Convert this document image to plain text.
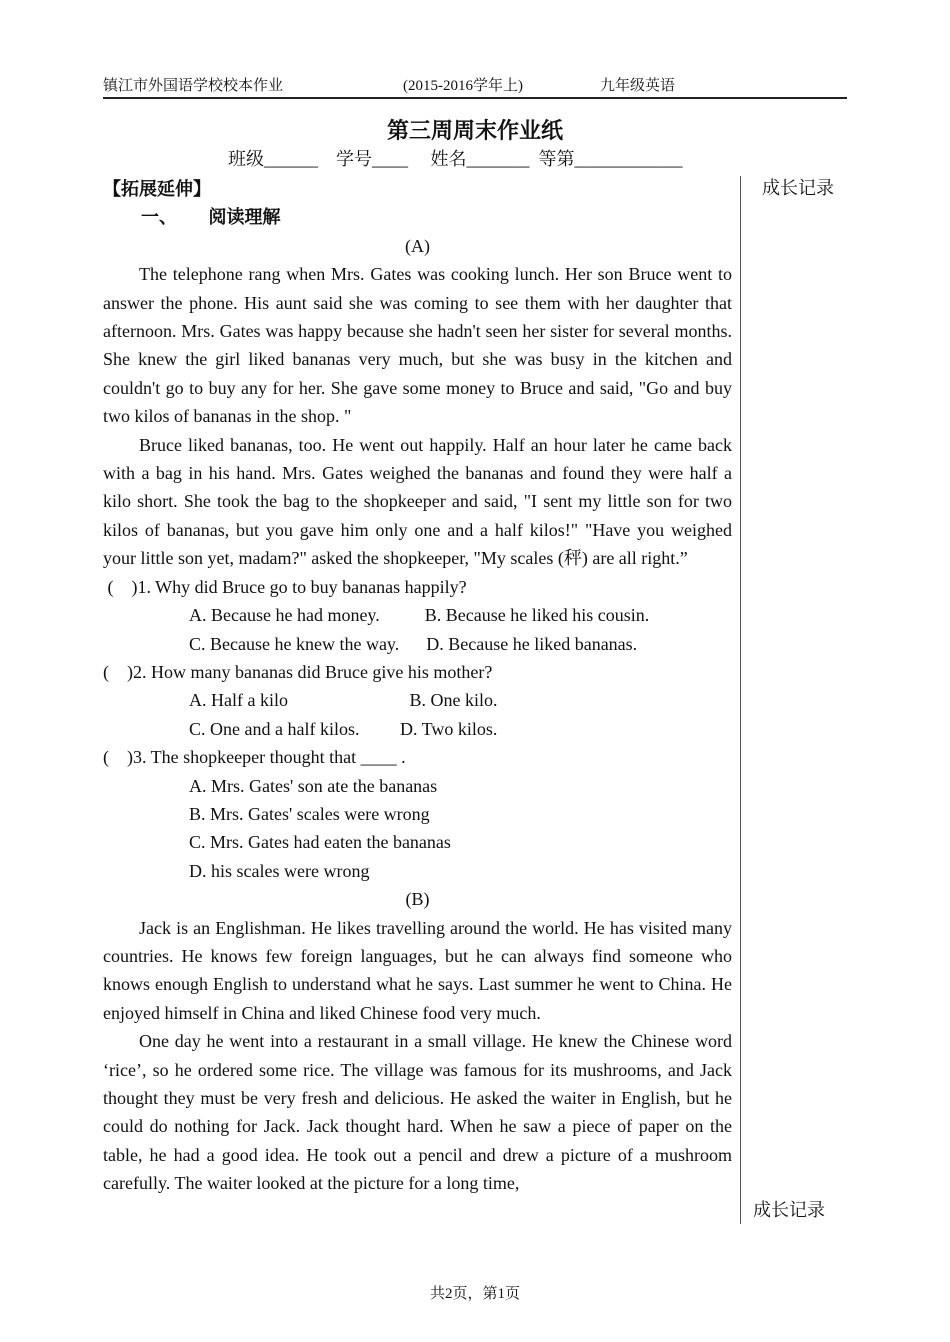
镇江市外国语学校校本作业	(2015-2016学年上)	九年级英语
第三周周末作业纸
班级______    学号____     姓名_______  等第____________
成长记录
成长记录
【拓展延伸】
一、       阅读理解
(A)

The telephone rang when Mrs. Gates was cooking lunch. Her son Bruce went to answer the phone. His aunt said she was coming to see them with her daughter that afternoon. Mrs. Gates was happy because she hadn't seen her sister for several months. She knew the girl liked bananas very much, but she was busy in the kitchen and couldn't go to buy any for her. She gave some money to Bruce and said, "Go and buy two kilos of bananas in the shop. "

Bruce liked bananas, too. He went out happily. Half an hour later he came back with a bag in his hand. Mrs. Gates weighed the bananas and found they were half a kilo short. She took the bag to the shopkeeper and said, "I sent my little son for two kilos of bananas, but you gave him only one and a half kilos!" "Have you weighed your little son yet, madam?" asked the shopkeeper, "My scales (秤) are all right.”

(    )1. Why did Bruce go to buy bananas happily?

A. Because he had money.          B. Because he liked his cousin.

C. Because he knew the way.      D. Because he liked bananas.

(    )2. How many bananas did Bruce give his mother?

A. Half a kilo                           B. One kilo.

C. One and a half kilos.         D. Two kilos.

(    )3. The shopkeeper thought that ____ .

A. Mrs. Gates' son ate the bananas

B. Mrs. Gates' scales were wrong

C. Mrs. Gates had eaten the bananas

D. his scales were wrong

(B)

Jack is an Englishman. He likes travelling around the world. He has visited many countries. He knows few foreign languages, but he can always find someone who knows enough English to understand what he says. Last summer he went to China. He enjoyed himself in China and liked Chinese food very much.

One day he went into a restaurant in a small village. He knew the Chinese word ‘rice’, so he ordered some rice. The village was famous for its mushrooms, and Jack thought they must be very fresh and delicious. He asked the waiter in English, but he could do nothing for Jack. Jack thought hard. When he saw a piece of paper on the table, he had a good idea. He took out a pencil and drew a picture of a mushroom carefully. The waiter looked at the picture for a long time,

共2页，第1页
